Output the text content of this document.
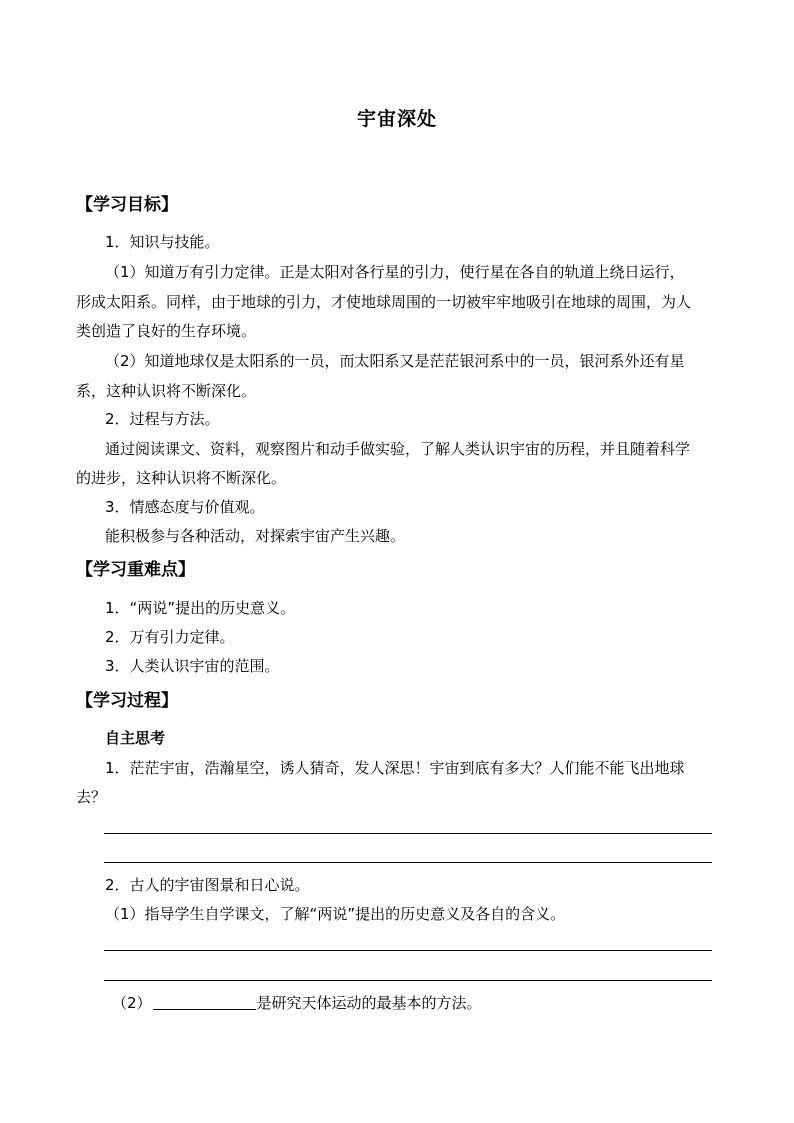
宇宙深处
【学习目标】
1．知识与技能。
（1）知道万有引力定律。正是太阳对各行星的引力，使行星在各自的轨道上绕日运行，
形成太阳系。同样，由于地球的引力，才使地球周围的一切被牢牢地吸引在地球的周围，为人
类创造了良好的生存环境。
（2）知道地球仅是太阳系的一员，而太阳系又是茫茫银河系中的一员，银河系外还有星
系，这种认识将不断深化。
2．过程与方法。
通过阅读课文、资料，观察图片和动手做实验，了解人类认识宇宙的历程，并且随着科学
的进步，这种认识将不断深化。
3．情感态度与价值观。
能积极参与各种活动，对探索宇宙产生兴趣。
【学习重难点】
1．“两说”提出的历史意义。
2．万有引力定律。
3．人类认识宇宙的范围。
【学习过程】
自主思考
1．茫茫宇宙，浩瀚星空，诱人猜奇，发人深思！宇宙到底有多大？人们能不能飞出地球
去？
2．古人的宇宙图景和日心说。
（1）指导学生自学课文，了解“两说”提出的历史意义及各自的含义。
（2）	是研究天体运动的最基本的方法。
